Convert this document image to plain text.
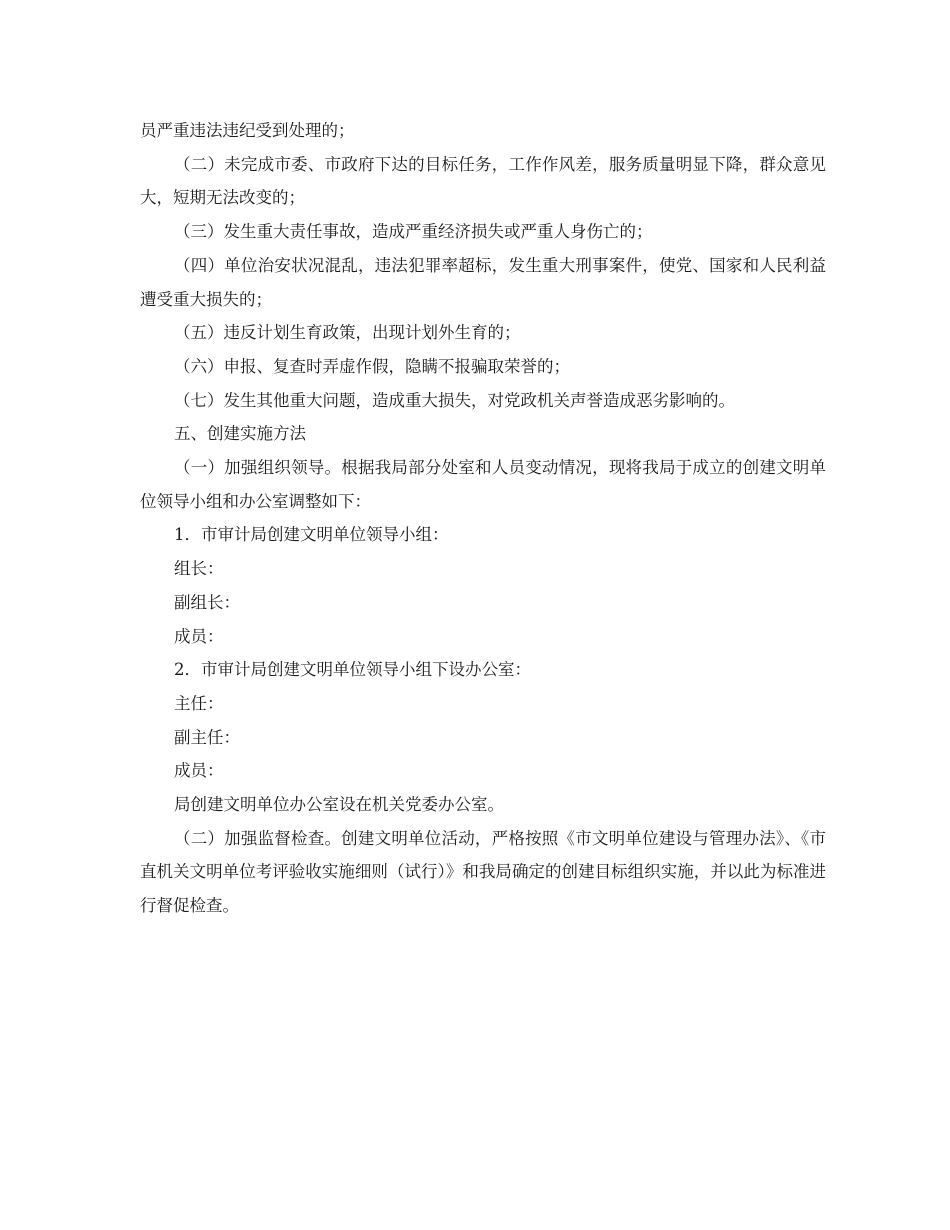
员严重违法违纪受到处理的；

（二）未完成市委、市政府下达的目标任务，工作作风差，服务质量明显下降，群众意见大，短期无法改变的；

（三）发生重大责任事故，造成严重经济损失或严重人身伤亡的；

（四）单位治安状况混乱，违法犯罪率超标，发生重大刑事案件，使党、国家和人民利益遭受重大损失的；

（五）违反计划生育政策，出现计划外生育的；

（六）申报、复查时弄虚作假，隐瞒不报骗取荣誉的；

（七）发生其他重大问题，造成重大损失，对党政机关声誉造成恶劣影响的。

五、创建实施方法

（一）加强组织领导。根据我局部分处室和人员变动情况，现将我局于成立的创建文明单位领导小组和办公室调整如下：

1．市审计局创建文明单位领导小组：

组长：

副组长：

成员：

2．市审计局创建文明单位领导小组下设办公室：

主任：

副主任：

成员：

局创建文明单位办公室设在机关党委办公室。

（二）加强监督检查。创建文明单位活动，严格按照《市文明单位建设与管理办法》、《市直机关文明单位考评验收实施细则（试行）》和我局确定的创建目标组织实施，并以此为标准进行督促检查。
